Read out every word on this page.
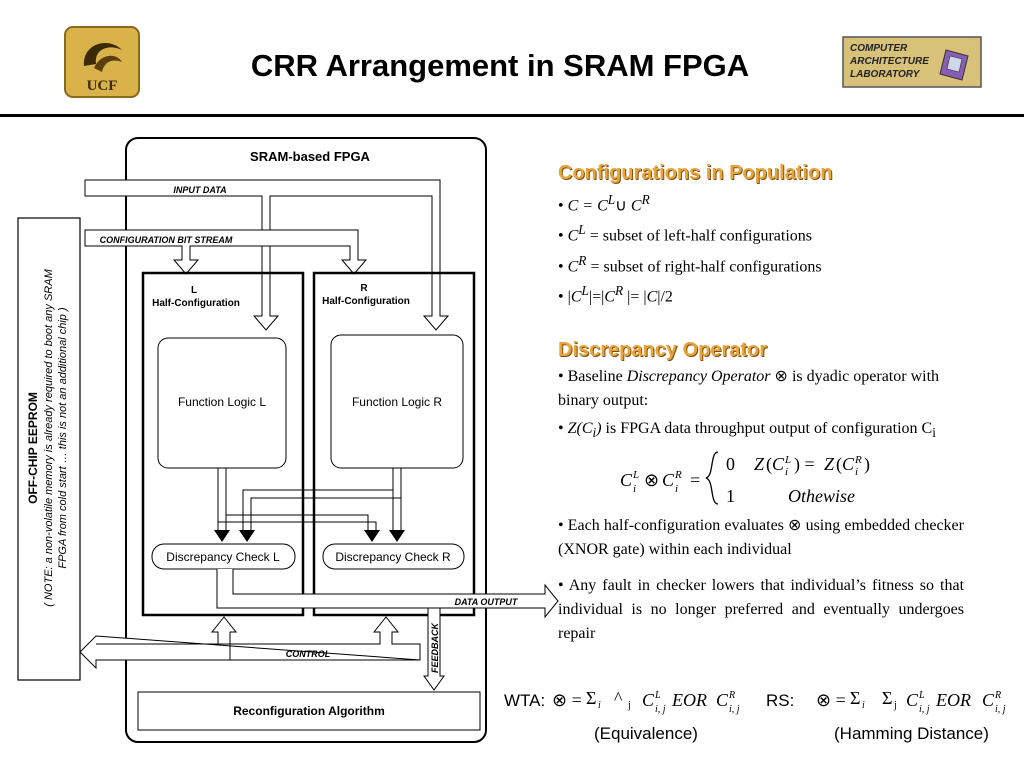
UCF
CRR Arrangement in SRAM FPGA	COMPUTER
ARCHITECTURE
LABORATORY
SRAM-based FPGA
OFF-CHIP EEPROM ( NOTE: a non-volatile memory is already required to boot any SRAM FPGA from cold start … this is not an additional chip )
INPUT DATA
CONFIGURATION BIT STREAM
L
Half-Configuration
R
Half-Configuration
Function Logic L	Function Logic R
Discrepancy Check L	Discrepancy Check R
DATA OUTPUT
FEEDBACK
CONTROL
Reconfiguration Algorithm
Configurations in Population
• $C = C^L\cup$ $C^R$
• $C^L$ = subset of left-half configurations
• $C^R$ = subset of right-half configurations
• $|C^L|=|C^R$ |= |C|/2
Discrepancy Operator
• Baseline Discrepancy Operator ⊗ is dyadic operator with binary output:
• $Z(C_i)$ is FPGA data throughput output of configuration $C_i$
C L
i ⊗ C R
i =
0 Z ( C L
i ) = Z ( C R
i )
1	Othewise
• Each half-configuration evaluates ⊗ using embedded checker (XNOR gate) within each individual
• Any fault in checker lowers that individual’s fitness so that individual is no longer preferred and eventually undergoes repair
WTA: ⊗ = Σ i ^ j C L
i, j EOR C R
i, j RS: ⊗ = Σ i Σ j C L
i, j EOR C R
i, j
(Equivalence)	(Hamming Distance)
